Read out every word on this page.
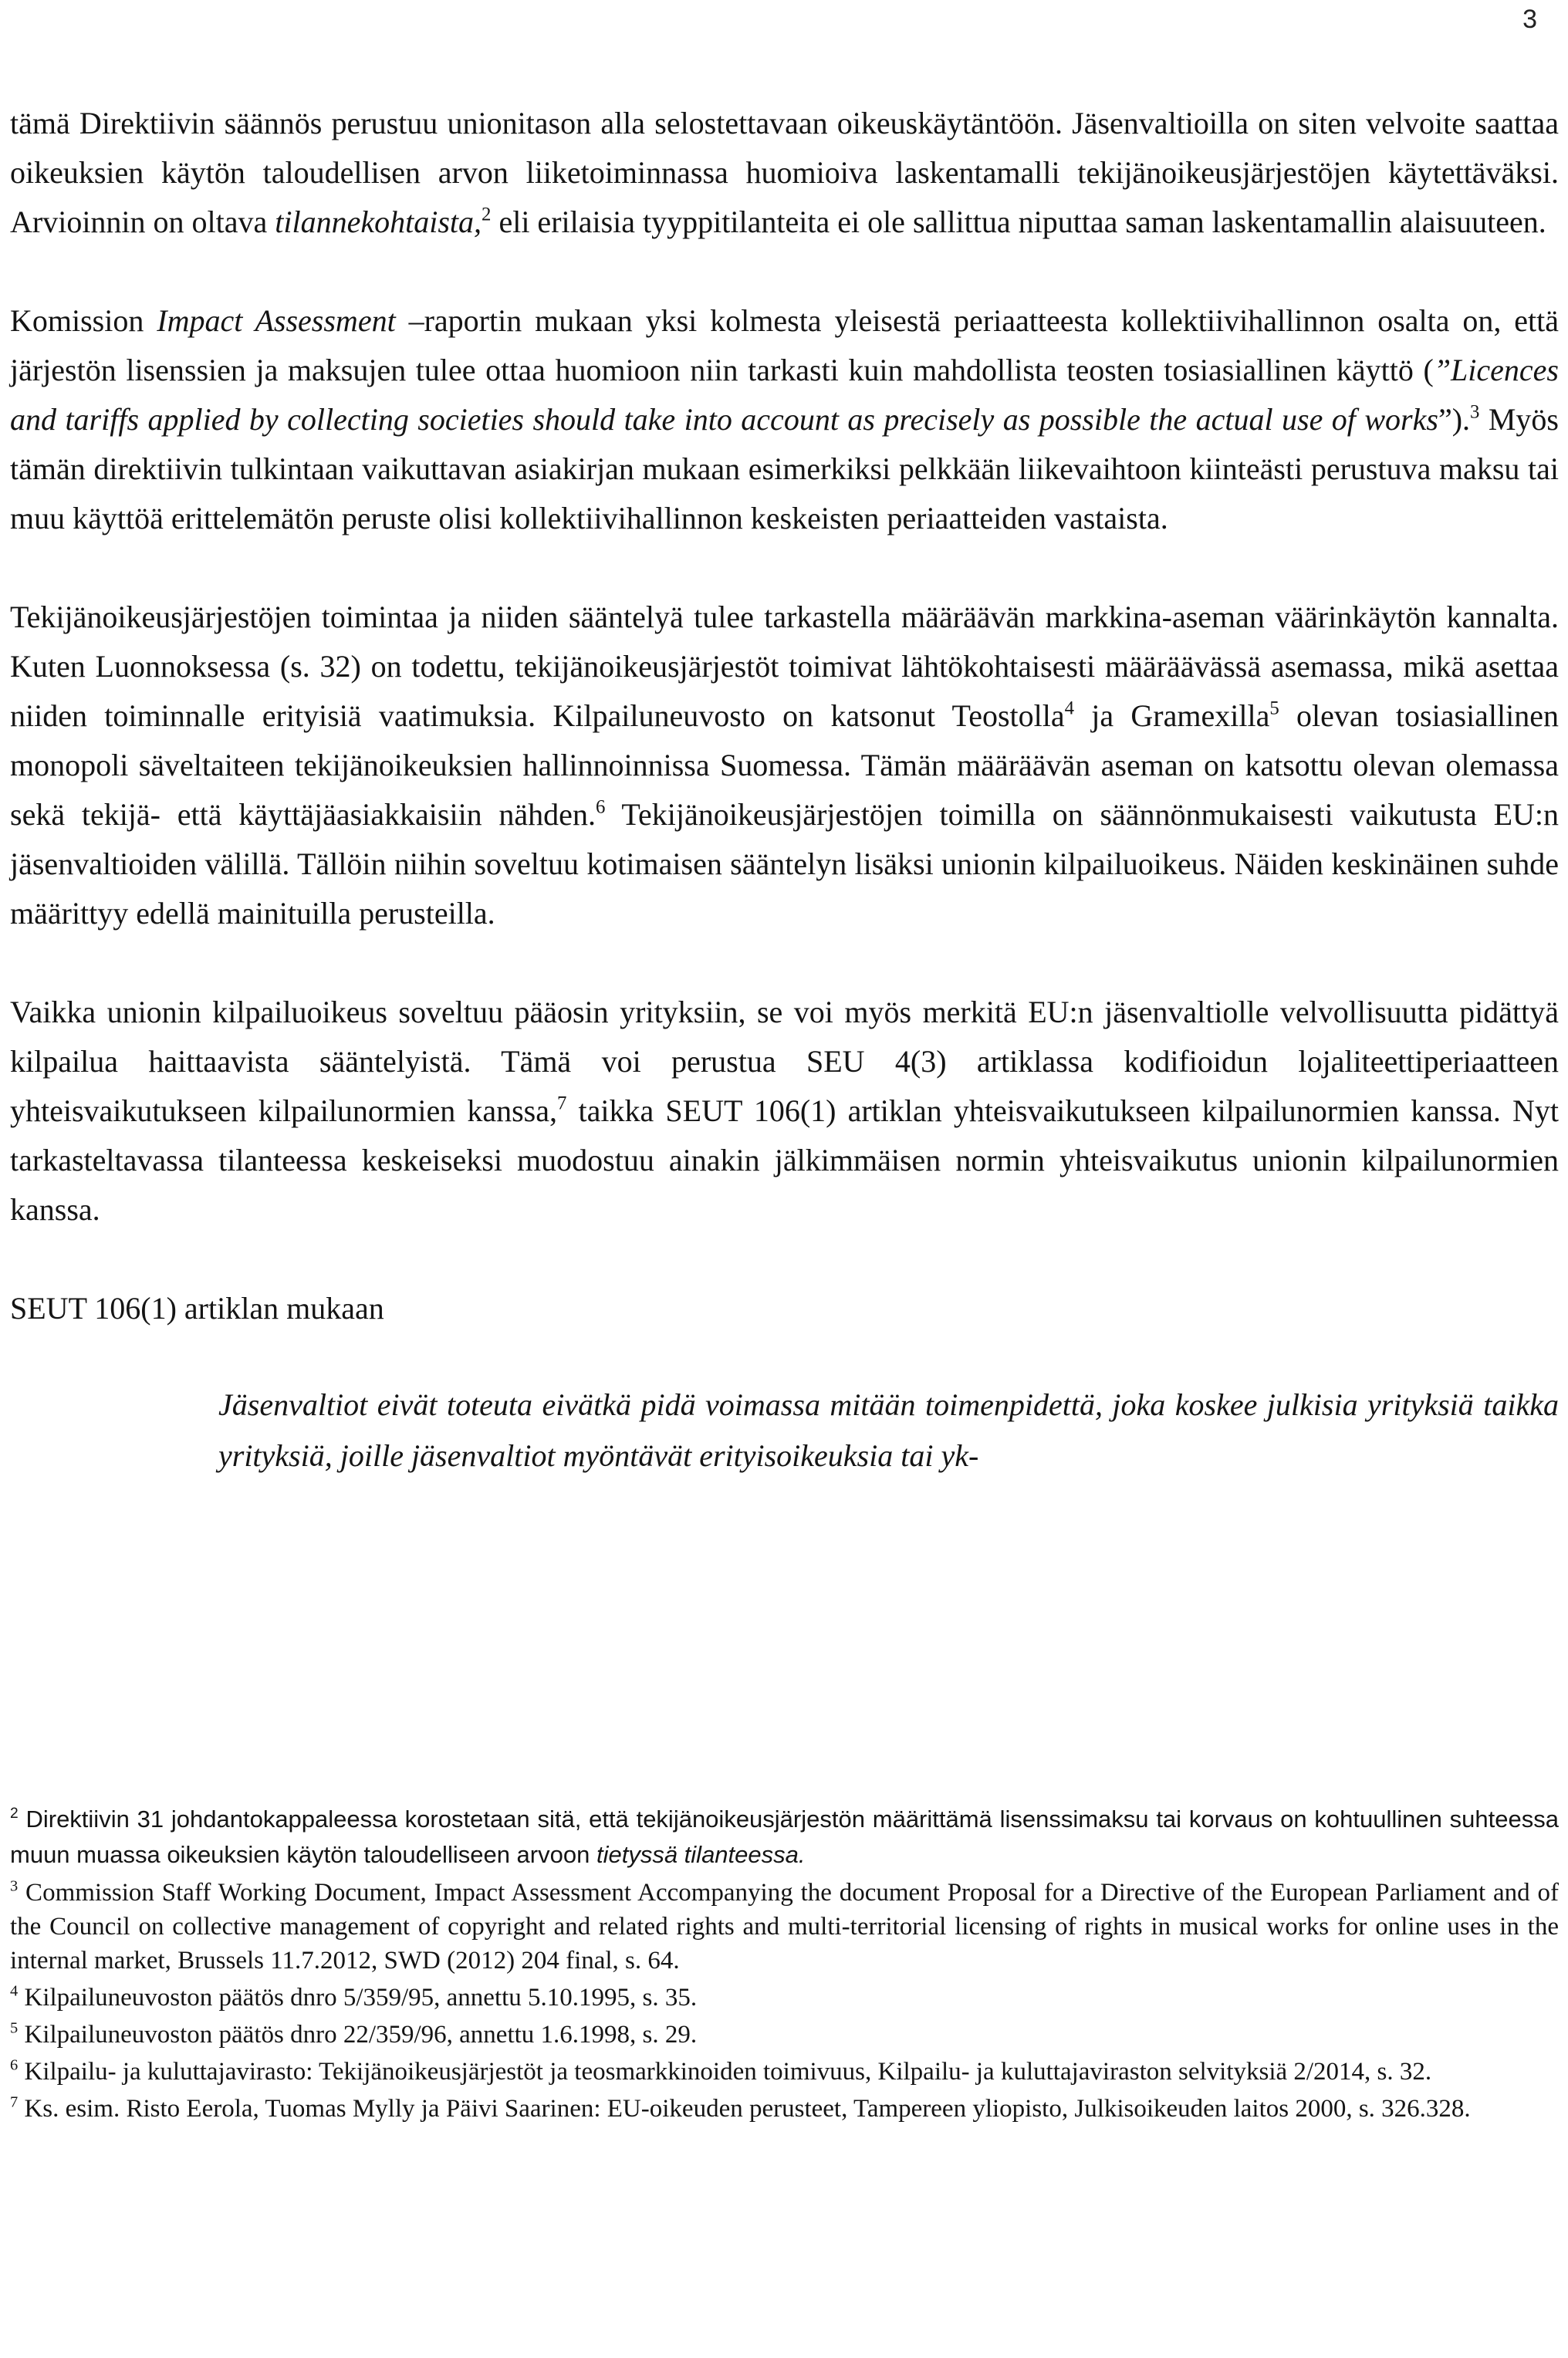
3

tämä Direktiivin säännös perustuu unionitason alla selostettavaan oikeuskäytäntöön. Jäsenvaltioilla on siten velvoite saattaa oikeuksien käytön taloudellisen arvon liiketoiminnassa huomioiva laskentamalli tekijänoikeusjärjestöjen käytettäväksi. Arvioinnin on oltava tilannekohtaista,$^2$ eli erilaisia tyyppitilanteita ei ole sallittua niputtaa saman laskentamallin alaisuuteen.

Komission Impact Assessment –raportin mukaan yksi kolmesta yleisestä periaatteesta kollektiivihallinnon osalta on, että järjestön lisenssien ja maksujen tulee ottaa huomioon niin tarkasti kuin mahdollista teosten tosiasiallinen käyttö (”Licences and tariffs applied by collecting societies should take into account as precisely as possible the actual use of works”).$^3$ Myös tämän direktiivin tulkintaan vaikuttavan asiakirjan mukaan esimerkiksi pelkkään liikevaihtoon kiinteästi perustuva maksu tai muu käyttöä erittelemätön peruste olisi kollektiivihallinnon keskeisten periaatteiden vastaista.

Tekijänoikeusjärjestöjen toimintaa ja niiden sääntelyä tulee tarkastella määräävän markkina-aseman väärinkäytön kannalta. Kuten Luonnoksessa (s. 32) on todettu, tekijänoikeusjärjestöt toimivat lähtökohtaisesti määräävässä asemassa, mikä asettaa niiden toiminnalle erityisiä vaatimuksia. Kilpailuneuvosto on katsonut Teostolla$^4$ ja Gramexilla$^5$ olevan tosiasiallinen monopoli säveltaiteen tekijänoikeuksien hallinnoinnissa Suomessa. Tämän määräävän aseman on katsottu olevan olemassa sekä tekijä- että käyttäjäasiakkaisiin nähden.$^6$ Tekijänoikeusjärjestöjen toimilla on säännönmukaisesti vaikutusta EU:n jäsenvaltioiden välillä. Tällöin niihin soveltuu kotimaisen sääntelyn lisäksi unionin kilpailuoikeus. Näiden keskinäinen suhde määrittyy edellä mainituilla perusteilla.

Vaikka unionin kilpailuoikeus soveltuu pääosin yrityksiin, se voi myös merkitä EU:n jäsenvaltiolle velvollisuutta pidättyä kilpailua haittaavista sääntelyistä. Tämä voi perustua SEU 4(3) artiklassa kodifioidun lojaliteettiperiaatteen yhteisvaikutukseen kilpailunormien kanssa,$^7$ taikka SEUT 106(1) artiklan yhteisvaikutukseen kilpailunormien kanssa. Nyt tarkasteltavassa tilanteessa keskeiseksi muodostuu ainakin jälkimmäisen normin yhteisvaikutus unionin kilpailunormien kanssa.

SEUT 106(1) artiklan mukaan

Jäsenvaltiot eivät toteuta eivätkä pidä voimassa mitään toimenpidettä, joka koskee julkisia yrityksiä taikka yrityksiä, joille jäsenvaltiot myöntävät erityisoikeuksia tai yk-

$^2$ Direktiivin 31 johdantokappaleessa korostetaan sitä, että tekijänoikeusjärjestön määrittämä lisenssimaksu tai korvaus on kohtuullinen suhteessa muun muassa oikeuksien käytön taloudelliseen arvoon tietyssä tilanteessa.

$^3$ Commission Staff Working Document, Impact Assessment Accompanying the document Proposal for a Directive of the European Parliament and of the Council on collective management of copyright and related rights and multi-territorial licensing of rights in musical works for online uses in the internal market, Brussels 11.7.2012, SWD (2012) 204 final, s. 64.

$^4$ Kilpailuneuvoston päätös dnro 5/359/95, annettu 5.10.1995, s. 35.

$^5$ Kilpailuneuvoston päätös dnro 22/359/96, annettu 1.6.1998, s. 29.

$^6$ Kilpailu- ja kuluttajavirasto: Tekijänoikeusjärjestöt ja teosmarkkinoiden toimivuus, Kilpailu- ja kuluttajaviraston selvityksiä 2/2014, s. 32.

$^7$ Ks. esim. Risto Eerola, Tuomas Mylly ja Päivi Saarinen: EU-oikeuden perusteet, Tampereen yliopisto, Julkisoikeuden laitos 2000, s. 326.328.
